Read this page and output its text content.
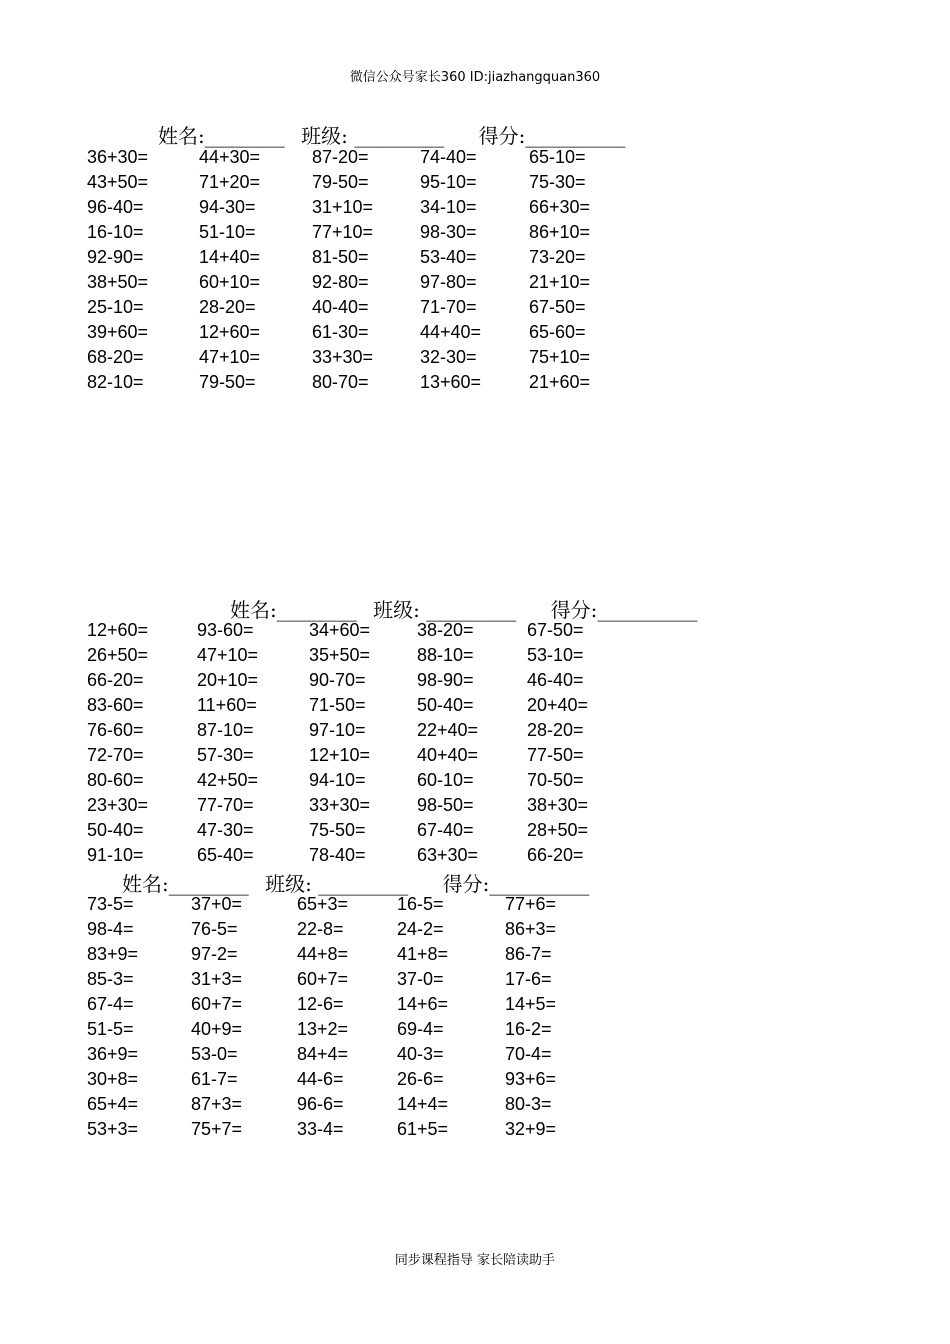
微信公众号家长360 ID:jiazhangquan360
姓名:________ 班级: _________ 得分:__________
36+30=	44+30=	87-20=	74-40=	65-10=
43+50=	71+20=	79-50=	95-10=	75-30=
96-40=	94-30=	31+10=	34-10=	66+30=
16-10=	51-10=	77+10=	98-30=	86+10=
92-90=	14+40=	81-50=	53-40=	73-20=
38+50=	60+10=	92-80=	97-80=	21+10=
25-10=	28-20=	40-40=	71-70=	67-50=
39+60=	12+60=	61-30=	44+40=	65-60=
68-20=	47+10=	33+30=	32-30=	75+10=
82-10=	79-50=	80-70=	13+60=	21+60=
姓名:________ 班级: _________ 得分:__________
12+60=	93-60=	34+60=	38-20=	67-50=
26+50=	47+10=	35+50=	88-10=	53-10=
66-20=	20+10=	90-70=	98-90=	46-40=
83-60=	11+60=	71-50=	50-40=	20+40=
76-60=	87-10=	97-10=	22+40=	28-20=
72-70=	57-30=	12+10=	40+40=	77-50=
80-60=	42+50=	94-10=	60-10=	70-50=
23+30=	77-70=	33+30=	98-50=	38+30=
50-40=	47-30=	75-50=	67-40=	28+50=
91-10=	65-40=	78-40=	63+30=	66-20=
姓名:________ 班级: _________ 得分:__________
73-5=	37+0=	65+3=	16-5=	77+6=
98-4=	76-5=	22-8=	24-2=	86+3=
83+9=	97-2=	44+8=	41+8=	86-7=
85-3=	31+3=	60+7=	37-0=	17-6=
67-4=	60+7=	12-6=	14+6=	14+5=
51-5=	40+9=	13+2=	69-4=	16-2=
36+9=	53-0=	84+4=	40-3=	70-4=
30+8=	61-7=	44-6=	26-6=	93+6=
65+4=	87+3=	96-6=	14+4=	80-3=
53+3=	75+7=	33-4=	61+5=	32+9=
同步课程指导 家长陪读助手
